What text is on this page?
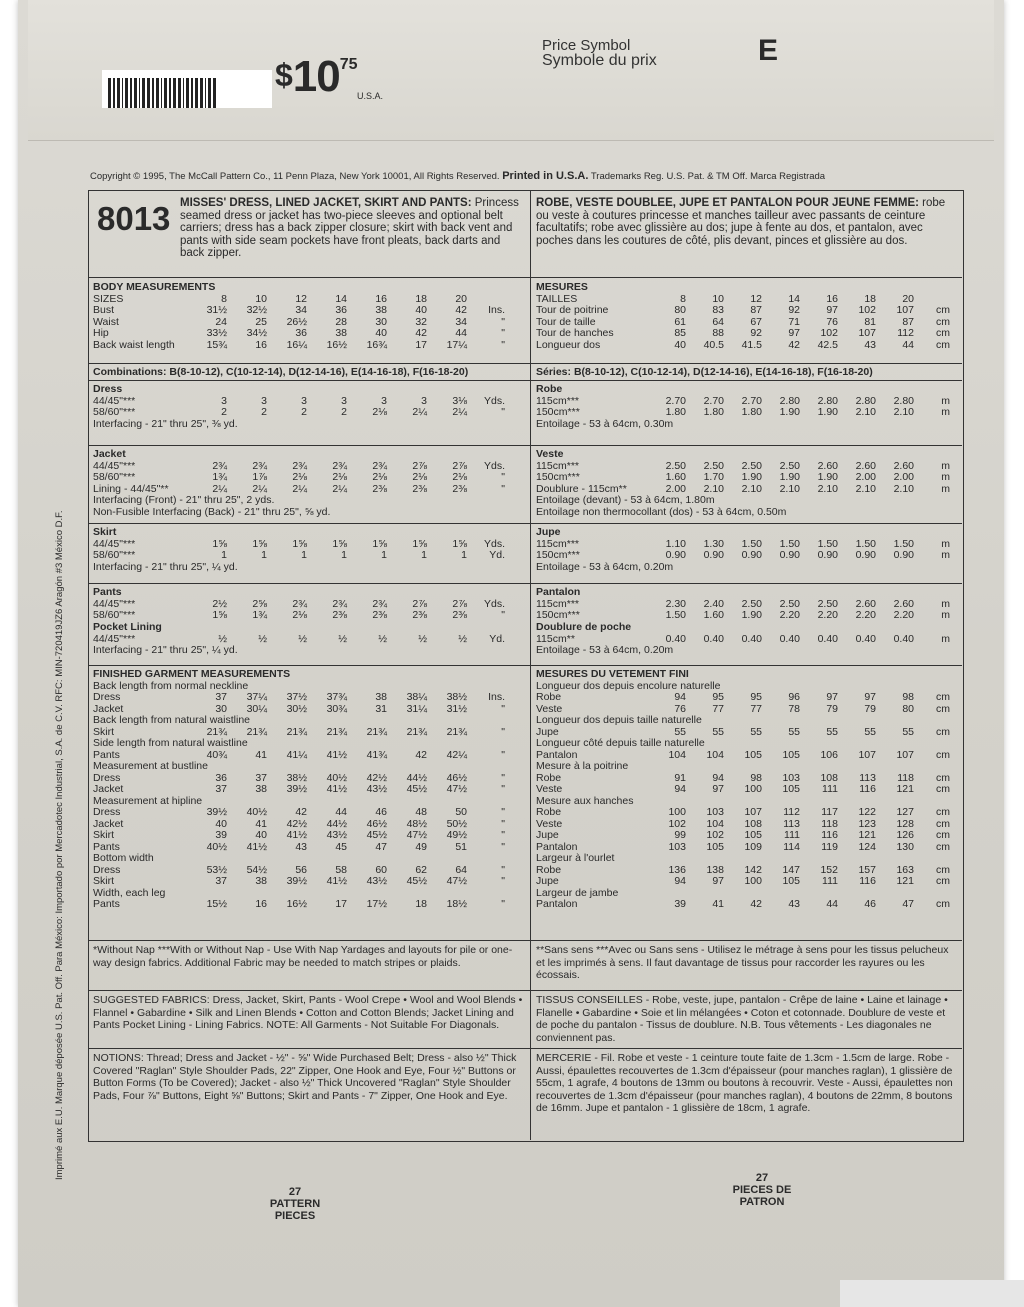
$ 10 75
U.S.A.
Price Symbol
Symbole du prix	E
Copyright © 1995, The McCall Pattern Co., 11 Penn Plaza, New York 10001, All Rights Reserved. Printed in U.S.A. Trademarks Reg. U.S. Pat. & TM Off. Marca Registrada
Imprimé aux E.U. Marque déposée U.S. Pat. Off. Para México: Importado por Mercadotec Industrial, S.A. de C.V. RFC: MIN-720419JZ6 Aragón #3 México D.F.
8013 MISSES' DRESS, LINED JACKET, SKIRT AND PANTS: Princess seamed dress or jacket has two-piece sleeves and optional belt carriers; dress has a back zipper closure; skirt with back vent and pants with side seam pockets have front pleats, back darts and back zipper.
ROBE, VESTE DOUBLEE, JUPE ET PANTALON POUR JEUNE FEMME: robe ou veste à coutures princesse et manches tailleur avec passants de ceinture facultatifs; robe avec glissière au dos; jupe à fente au dos, et pantalon, avec poches dans les coutures de côté, plis devant, pinces et glissière au dos.
BODY MEASUREMENTS								
SIZES	8	10	12	14	16	18	20	
Bust	31½	32½	34	36	38	40	42	Ins.
Waist	24	25	26½	28	30	32	34	"
Hip	33½	34½	36	38	40	42	44	"
Back waist length	15¾	16	16¼	16½	16¾	17	17¼	"
Combinations: B(8-10-12), C(10-12-14), D(12-14-16), E(14-16-18), F(16-18-20)
Dress								
44/45"***	3	3	3	3	3	3	3⅛	Yds.
58/60"***	2	2	2	2	2⅛	2¼	2¼	"
Interfacing - 21" thru 25", ⅜ yd.								
Jacket								
44/45"***	2¾	2¾	2¾	2¾	2¾	2⅞	2⅞	Yds.
58/60"***	1¾	1⅞	2⅛	2⅛	2⅛	2⅛	2⅛	"
Lining - 44/45"**	2¼	2¼	2¼	2¼	2⅜	2⅜	2⅜	"
Interfacing (Front) - 21" thru 25", 2 yds.								
Non-Fusible Interfacing (Back) - 21" thru 25", ⅝ yd.								
Skirt								
44/45"***	1⅝	1⅝	1⅝	1⅝	1⅝	1⅝	1⅝	Yds.
58/60"***	1	1	1	1	1	1	1	Yd.
Interfacing - 21" thru 25", ¼ yd.								
Pants								
44/45"***	2½	2⅝	2¾	2¾	2¾	2⅞	2⅞	Yds.
58/60"***	1⅝	1¾	2⅛	2⅜	2⅜	2⅜	2⅜	"
Pocket Lining
44/45"***	½	½	½	½	½	½	½	Yd.
Interfacing - 21" thru 25", ¼ yd.
FINISHED GARMENT MEASUREMENTS								
Back length from normal neckline								
Dress	37	37¼	37½	37¾	38	38¼	38½	Ins.
Jacket	30	30¼	30½	30¾	31	31¼	31½	"
Back length from natural waistline								
Skirt	21¾	21¾	21¾	21¾	21¾	21¾	21¾	"
Side length from natural waistline								
Pants	40¾	41	41¼	41½	41¾	42	42¼	"
Measurement at bustline								
Dress	36	37	38½	40½	42½	44½	46½	"
Jacket	37	38	39½	41½	43½	45½	47½	"
Measurement at hipline								
Dress	39½	40½	42	44	46	48	50	"
Jacket	40	41	42½	44½	46½	48½	50½	"
Skirt	39	40	41½	43½	45½	47½	49½	"
Pants	40½	41½	43	45	47	49	51	"
Bottom width								
Dress	53½	54½	56	58	60	62	64	"
Skirt	37	38	39½	41½	43½	45½	47½	"
Width, each leg								
Pants	15½	16	16½	17	17½	18	18½	"
MESURES								
TAILLES	8	10	12	14	16	18	20	
Tour de poitrine	80	83	87	92	97	102	107	cm
Tour de taille	61	64	67	71	76	81	87	cm
Tour de hanches	85	88	92	97	102	107	112	cm
Longueur dos	40	40.5	41.5	42	42.5	43	44	cm
Séries: B(8-10-12), C(10-12-14), D(12-14-16), E(14-16-18), F(16-18-20)
Robe								
115cm***	2.70	2.70	2.70	2.80	2.80	2.80	2.80	m
150cm***	1.80	1.80	1.80	1.90	1.90	2.10	2.10	m
Entoilage - 53 à 64cm, 0.30m								
Veste								
115cm***	2.50	2.50	2.50	2.50	2.60	2.60	2.60	m
150cm***	1.60	1.70	1.90	1.90	1.90	2.00	2.00	m
Doublure - 115cm**	2.00	2.10	2.10	2.10	2.10	2.10	2.10	m
Entoilage (devant) - 53 à 64cm, 1.80m								
Entoilage non thermocollant (dos) - 53 à 64cm, 0.50m								
Jupe								
115cm***	1.10	1.30	1.50	1.50	1.50	1.50	1.50	m
150cm***	0.90	0.90	0.90	0.90	0.90	0.90	0.90	m
Entoilage - 53 à 64cm, 0.20m								
Pantalon								
115cm***	2.30	2.40	2.50	2.50	2.50	2.60	2.60	m
150cm***	1.50	1.60	1.90	2.20	2.20	2.20	2.20	m
Doublure de poche
115cm**	0.40	0.40	0.40	0.40	0.40	0.40	0.40	m
Entoilage - 53 à 64cm, 0.20m
MESURES DU VETEMENT FINI								
Longueur dos depuis encolure naturelle								
Robe	94	95	95	96	97	97	98	cm
Veste	76	77	77	78	79	79	80	cm
Longueur dos depuis taille naturelle								
Jupe	55	55	55	55	55	55	55	cm
Longueur côté depuis taille naturelle								
Pantalon	104	104	105	105	106	107	107	cm
Mesure à la poitrine								
Robe	91	94	98	103	108	113	118	cm
Veste	94	97	100	105	111	116	121	cm
Mesure aux hanches								
Robe	100	103	107	112	117	122	127	cm
Veste	102	104	108	113	118	123	128	cm
Jupe	99	102	105	111	116	121	126	cm
Pantalon	103	105	109	114	119	124	130	cm
Largeur à l'ourlet								
Robe	136	138	142	147	152	157	163	cm
Jupe	94	97	100	105	111	116	121	cm
Largeur de jambe								
Pantalon	39	41	42	43	44	46	47	cm
*Without Nap ***With or Without Nap - Use With Nap Yardages and layouts for pile or one-way design fabrics. Additional Fabric may be needed to match stripes or plaids.
**Sans sens ***Avec ou Sans sens - Utilisez le métrage à sens pour les tissus pelucheux et les imprimés à sens. Il faut davantage de tissus pour raccorder les rayures ou les écossais.
SUGGESTED FABRICS: Dress, Jacket, Skirt, Pants - Wool Crepe • Wool and Wool Blends • Flannel • Gabardine • Silk and Linen Blends • Cotton and Cotton Blends; Jacket Lining and Pants Pocket Lining - Lining Fabrics. NOTE: All Garments - Not Suitable For Diagonals.
TISSUS CONSEILLES - Robe, veste, jupe, pantalon - Crêpe de laine • Laine et lainage • Flanelle • Gabardine • Soie et lin mélangées • Coton et cotonnade. Doublure de veste et de poche du pantalon - Tissus de doublure. N.B. Tous vêtements - Les diagonales ne conviennent pas.
NOTIONS: Thread; Dress and Jacket - ½" - ⅝" Wide Purchased Belt; Dress - also ½" Thick Covered "Raglan" Style Shoulder Pads, 22" Zipper, One Hook and Eye, Four ½" Buttons or Button Forms (To be Covered); Jacket - also ½" Thick Uncovered "Raglan" Style Shoulder Pads, Four ⅞" Buttons, Eight ⅝" Buttons; Skirt and Pants - 7" Zipper, One Hook and Eye.
MERCERIE - Fil. Robe et veste - 1 ceinture toute faite de 1.3cm - 1.5cm de large. Robe - Aussi, épaulettes recouvertes de 1.3cm d'épaisseur (pour manches raglan), 1 glissière de 55cm, 1 agrafe, 4 boutons de 13mm ou boutons à recouvrir. Veste - Aussi, épaulettes non recouvertes de 1.3cm d'épaisseur (pour manches raglan), 4 boutons de 22mm, 8 boutons de 16mm. Jupe et pantalon - 1 glissière de 18cm, 1 agrafe.
27
PATTERN PIECES
27
PIECES DE PATRON
